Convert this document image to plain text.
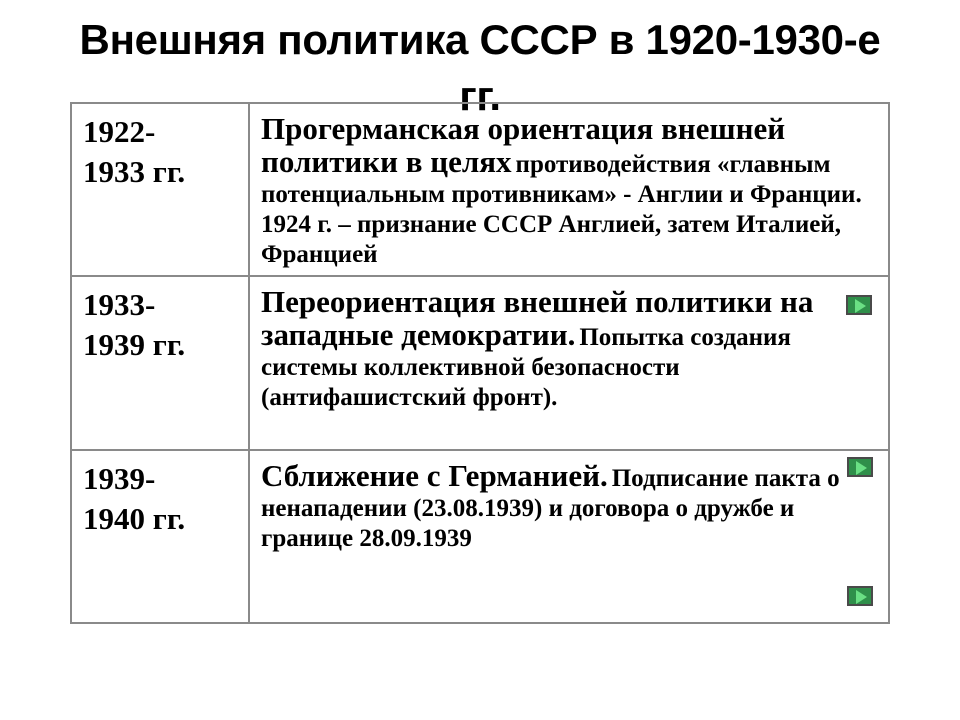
Внешняя политика СССР в 1920-1930-е
гг.
1922-
1933 гг.	Прогерманская ориентация внешней политики в целях противодействия «главным потенциальным противникам» - Англии и Франции. 1924 г. – признание СССР Англией, затем Италией, Францией

1933-
1939 гг.	Переориентация внешней политики на западные демократии. Попытка создания системы коллективной безопасности (антифашистский фронт).

1939-
1940 гг.	Сближение с Германией. Подписание пакта о ненападении (23.08.1939) и договора о дружбе и границе 28.09.1939
